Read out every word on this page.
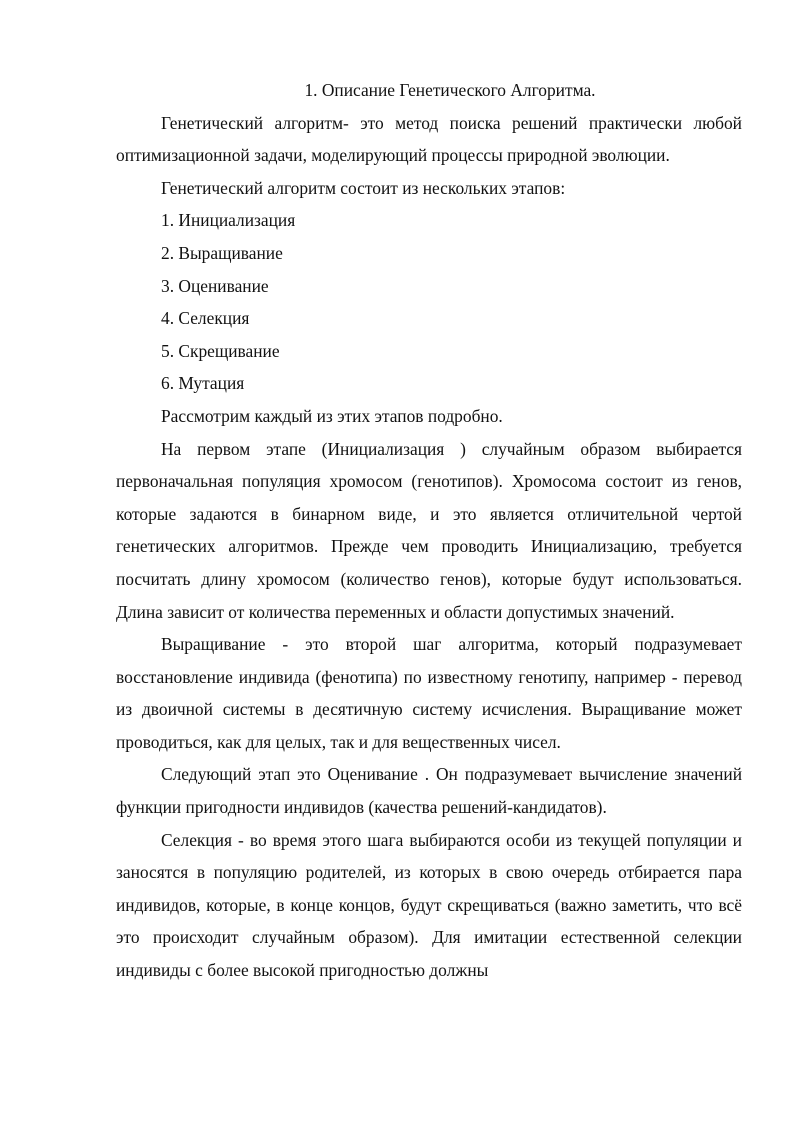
1. Описание Генетического Алгоритма.

Генетический алгоритм- это метод поиска решений практически любой оптимизационной задачи, моделирующий процессы природной эволюции.

Генетический алгоритм состоит из нескольких этапов:

1. Инициализация

2. Выращивание

3. Оценивание

4. Селекция

5. Скрещивание

6. Мутация

Рассмотрим каждый из этих этапов подробно.

На первом этапе (Инициализация ) случайным образом выбирается первоначальная популяция хромосом (генотипов). Хромосома состоит из генов, которые задаются в бинарном виде, и это является отличительной чертой генетических алгоритмов. Прежде чем проводить Инициализацию, требуется посчитать длину хромосом (количество генов), которые будут использоваться. Длина зависит от количества переменных и области допустимых значений.

Выращивание - это второй шаг алгоритма, который подразумевает восстановление индивида (фенотипа) по известному генотипу, например - перевод из двоичной системы в десятичную систему исчисления. Выращивание может проводиться, как для целых, так и для вещественных чисел.

Следующий этап это Оценивание . Он подразумевает вычисление значений функции пригодности индивидов (качества решений-кандидатов).

Селекция - во время этого шага выбираются особи из текущей популяции и заносятся в популяцию родителей, из которых в свою очередь отбирается пара индивидов, которые, в конце концов, будут скрещиваться (важно заметить, что всё это происходит случайным образом). Для имитации естественной селекции индивиды с более высокой пригодностью должны
